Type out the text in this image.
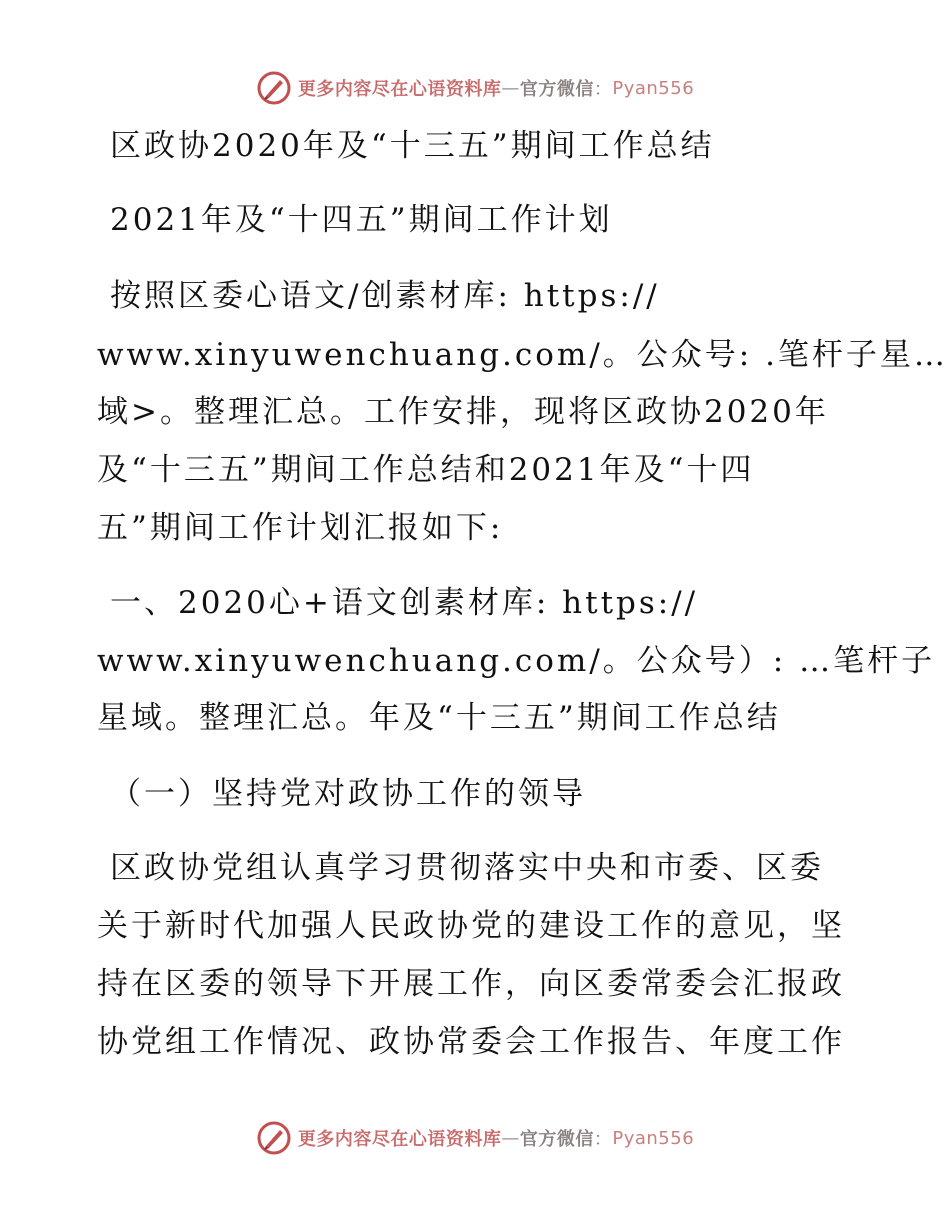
更多内容尽在心语资料库 — 官方微信 ： Pyan556
区政协2020年及“十三五”期间工作总结
2021年及“十四五”期间工作计划
按照区委心语文/创素材库: https://
www.xinyuwenchuang.com/。公众号: .笔杆子星…
域>。整理汇总。工作安排，现将区政协2020年
及“十三五”期间工作总结和2021年及“十四
五”期间工作计划汇报如下:
一、2020心+语文创素材库: https://
www.xinyuwenchuang.com/。公众号）: …笔杆子
星域。整理汇总。年及“十三五”期间工作总结
（一）坚持党对政协工作的领导
区政协党组认真学习贯彻落实中央和市委、区委
关于新时代加强人民政协党的建设工作的意见，坚
持在区委的领导下开展工作，向区委常委会汇报政
协党组工作情况、政协常委会工作报告、年度工作
更多内容尽在心语资料库 — 官方微信 ： Pyan556
